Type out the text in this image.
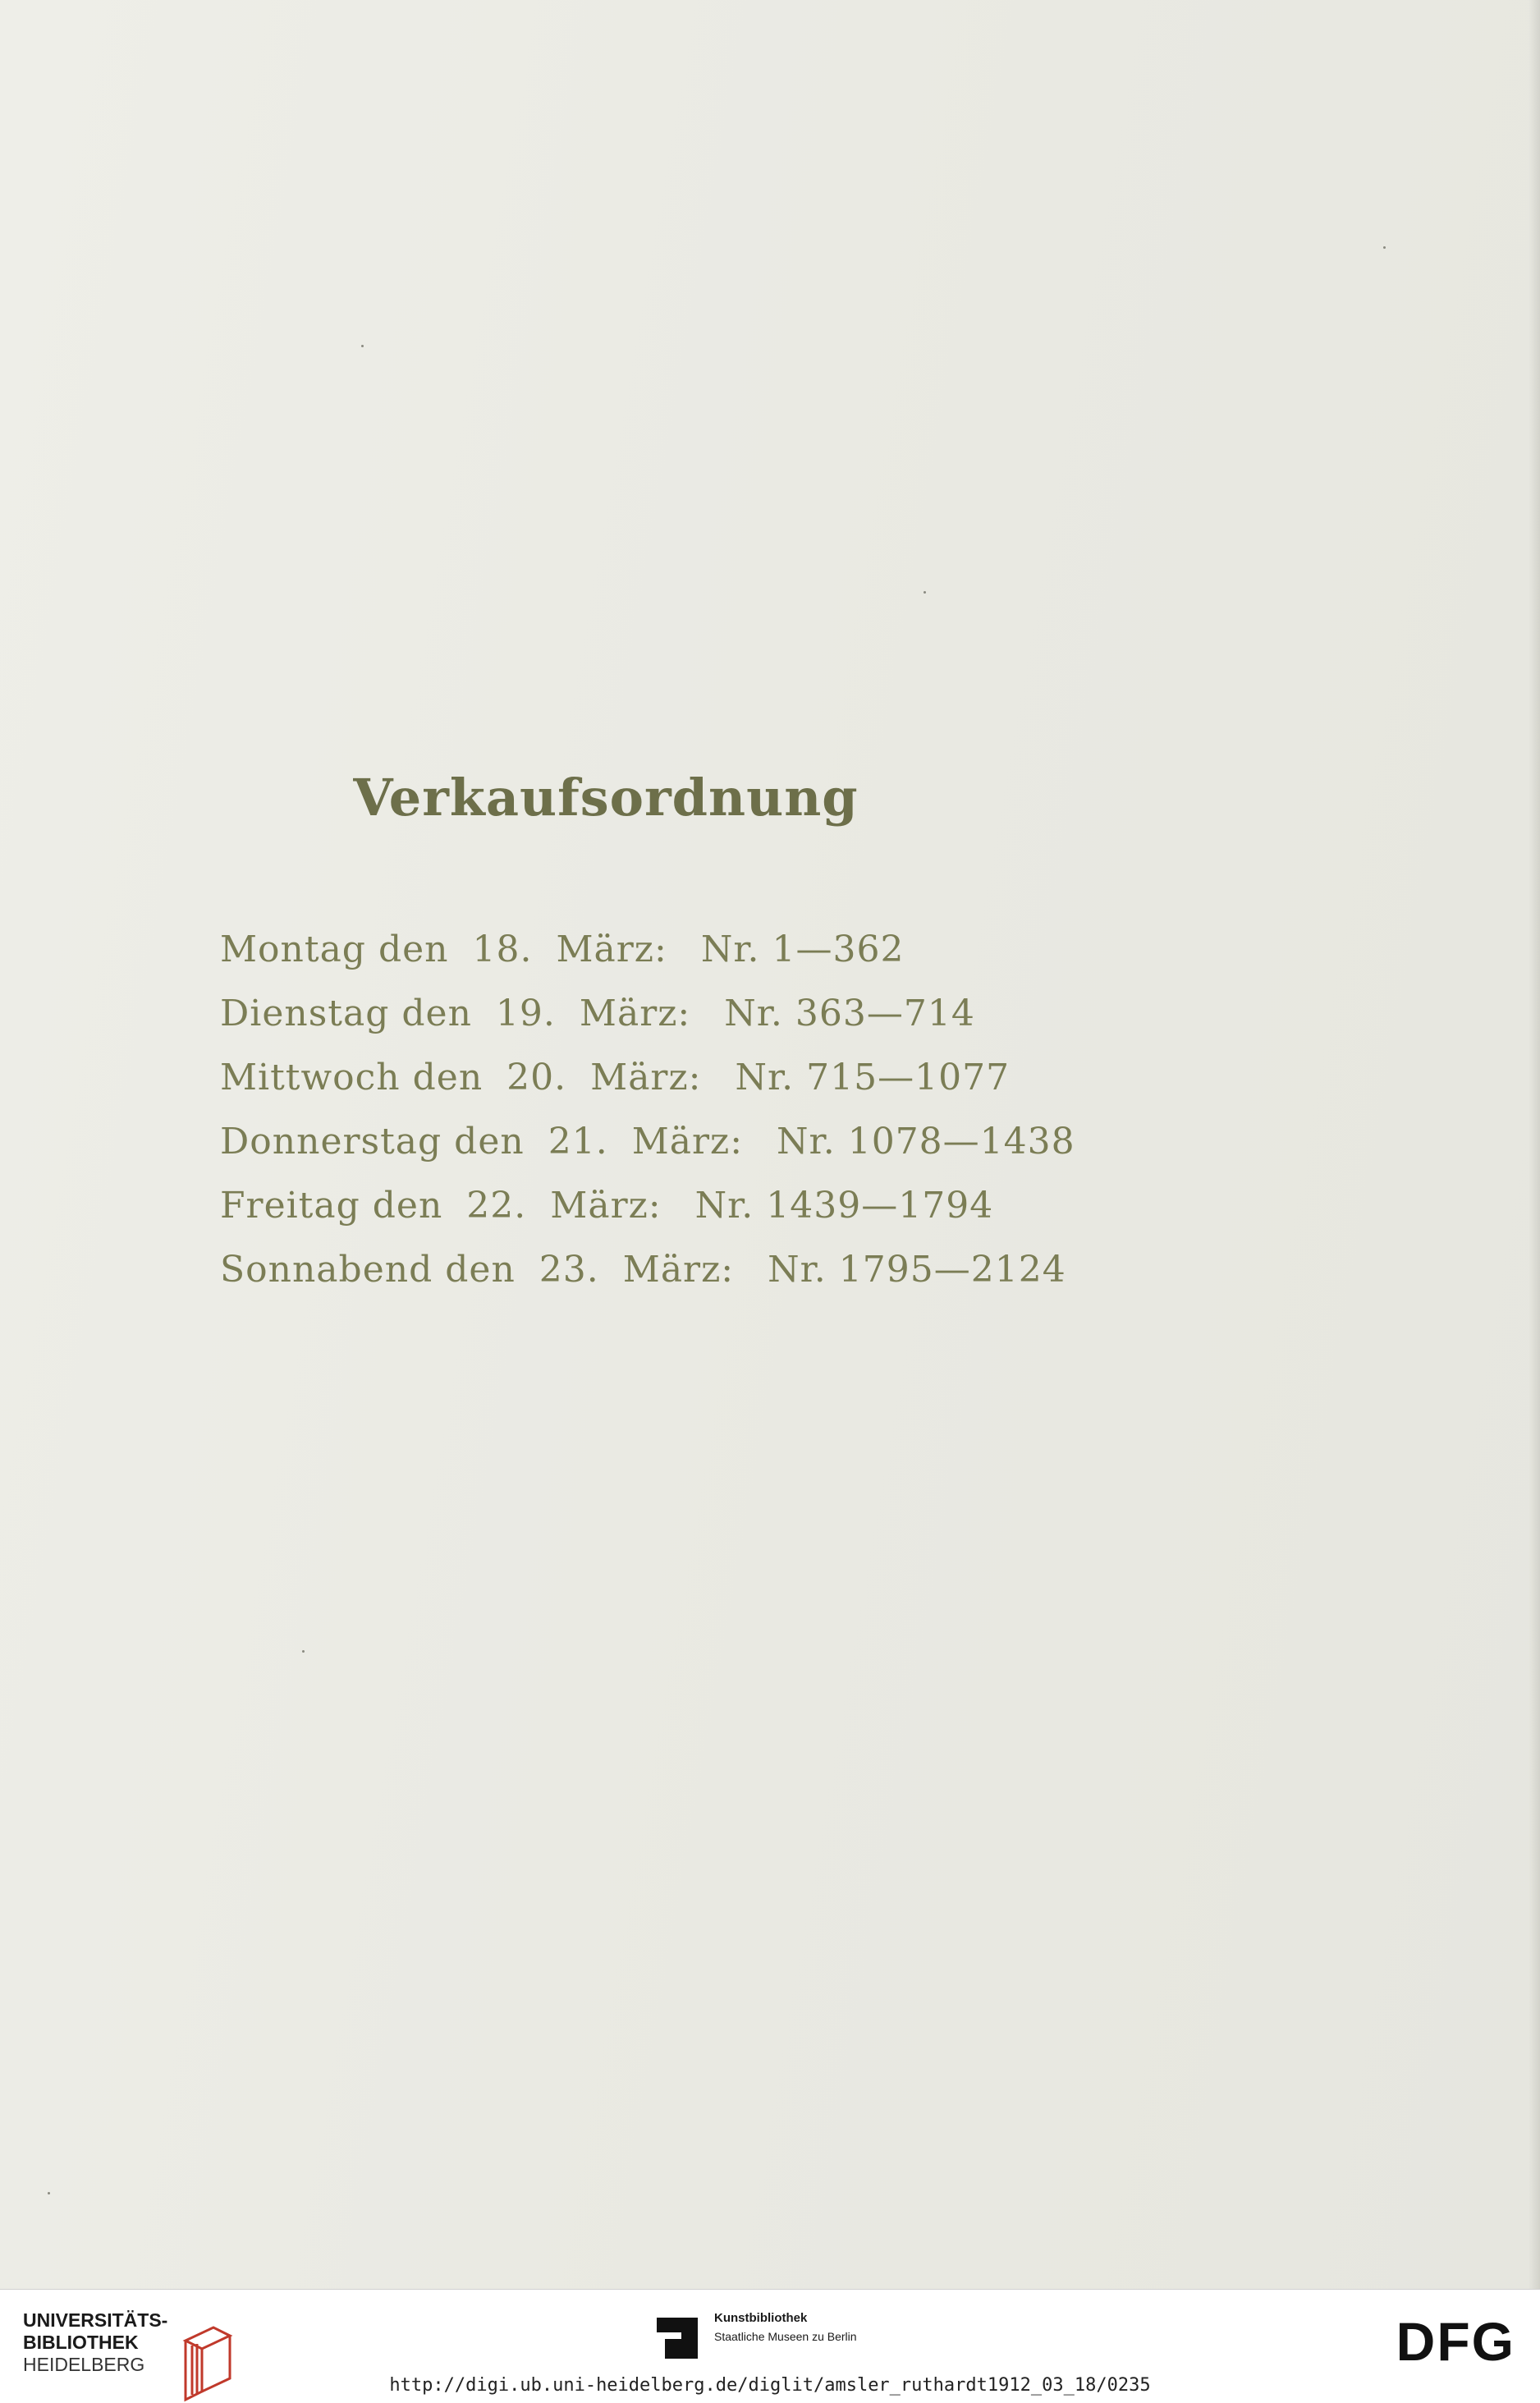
Verkaufsordnung
Montag den 18. März: Nr. 1—362
Dienstag den 19. März: Nr. 363—714
Mittwoch den 20. März: Nr. 715—1077
Donnerstag den 21. März: Nr. 1078—1438
Freitag den 22. März: Nr. 1439—1794
Sonnabend den 23. März: Nr. 1795—2124
UNIVERSITÄTS-
BIBLIOTHEK
HEIDELBERG
Kunstbibliothek
Staatliche Museen zu Berlin	DFG
http://digi.ub.uni-heidelberg.de/diglit/amsler_ruthardt1912_03_18/0235
